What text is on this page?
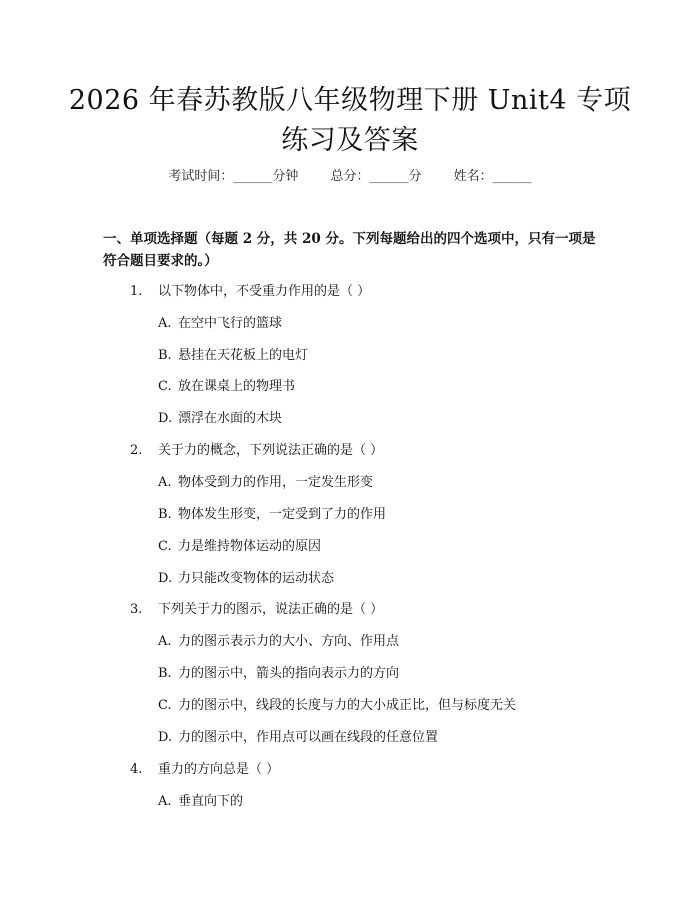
2026 年春苏教版八年级物理下册 Unit4 专项
练习及答案
考试时间：______分钟 总分：______分 姓名：______
一、单项选择题（每题 2 分，共 20 分。下列每题给出的四个选项中，只有一项是
符合题目要求的。）
1. 以下物体中，不受重力作用的是（ ）
A. 在空中飞行的篮球
B. 悬挂在天花板上的电灯
C. 放在课桌上的物理书
D. 漂浮在水面的木块
2. 关于力的概念，下列说法正确的是（ ）
A. 物体受到力的作用，一定发生形变
B. 物体发生形变，一定受到了力的作用
C. 力是维持物体运动的原因
D. 力只能改变物体的运动状态
3. 下列关于力的图示，说法正确的是（ ）
A. 力的图示表示力的大小、方向、作用点
B. 力的图示中，箭头的指向表示力的方向
C. 力的图示中，线段的长度与力的大小成正比，但与标度无关
D. 力的图示中，作用点可以画在线段的任意位置
4. 重力的方向总是（ ）
A. 垂直向下的
